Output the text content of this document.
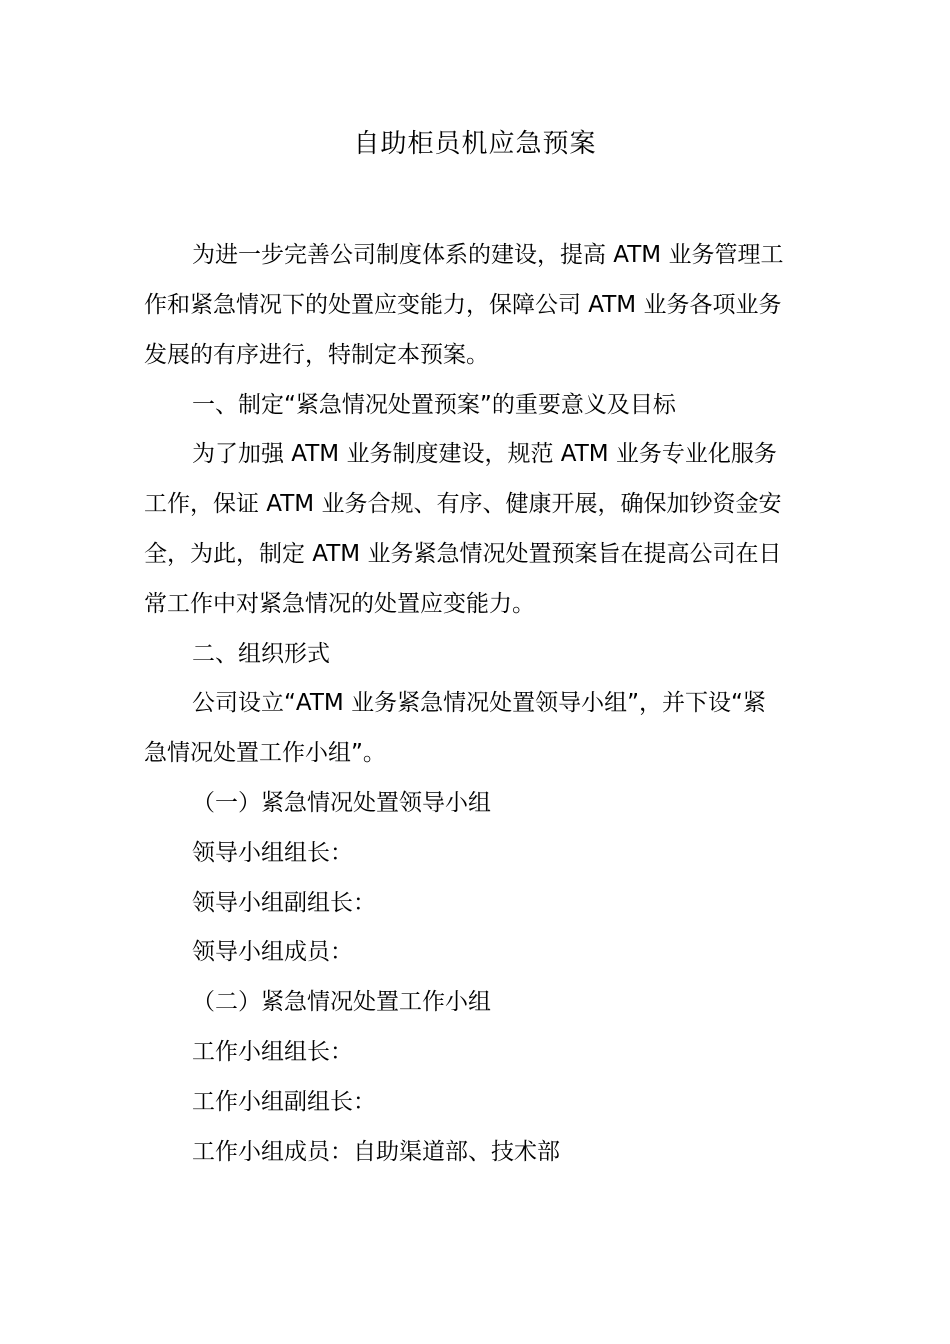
自助柜员机应急预案
为进一步完善公司制度体系的建设，提高 ATM 业务管理工
作和紧急情况下的处置应变能力，保障公司 ATM 业务各项业务
发展的有序进行，特制定本预案。
一、制定“紧急情况处置预案”的重要意义及目标
为了加强 ATM 业务制度建设，规范 ATM 业务专业化服务
工作，保证 ATM 业务合规、有序、健康开展，确保加钞资金安
全，为此，制定 ATM 业务紧急情况处置预案旨在提高公司在日
常工作中对紧急情况的处置应变能力。
二、组织形式
公司设立“ATM 业务紧急情况处置领导小组”，并下设“紧
急情况处置工作小组”。
（一）紧急情况处置领导小组
领导小组组长：
领导小组副组长：
领导小组成员：
（二）紧急情况处置工作小组
工作小组组长：
工作小组副组长：
工作小组成员：自助渠道部、技术部
